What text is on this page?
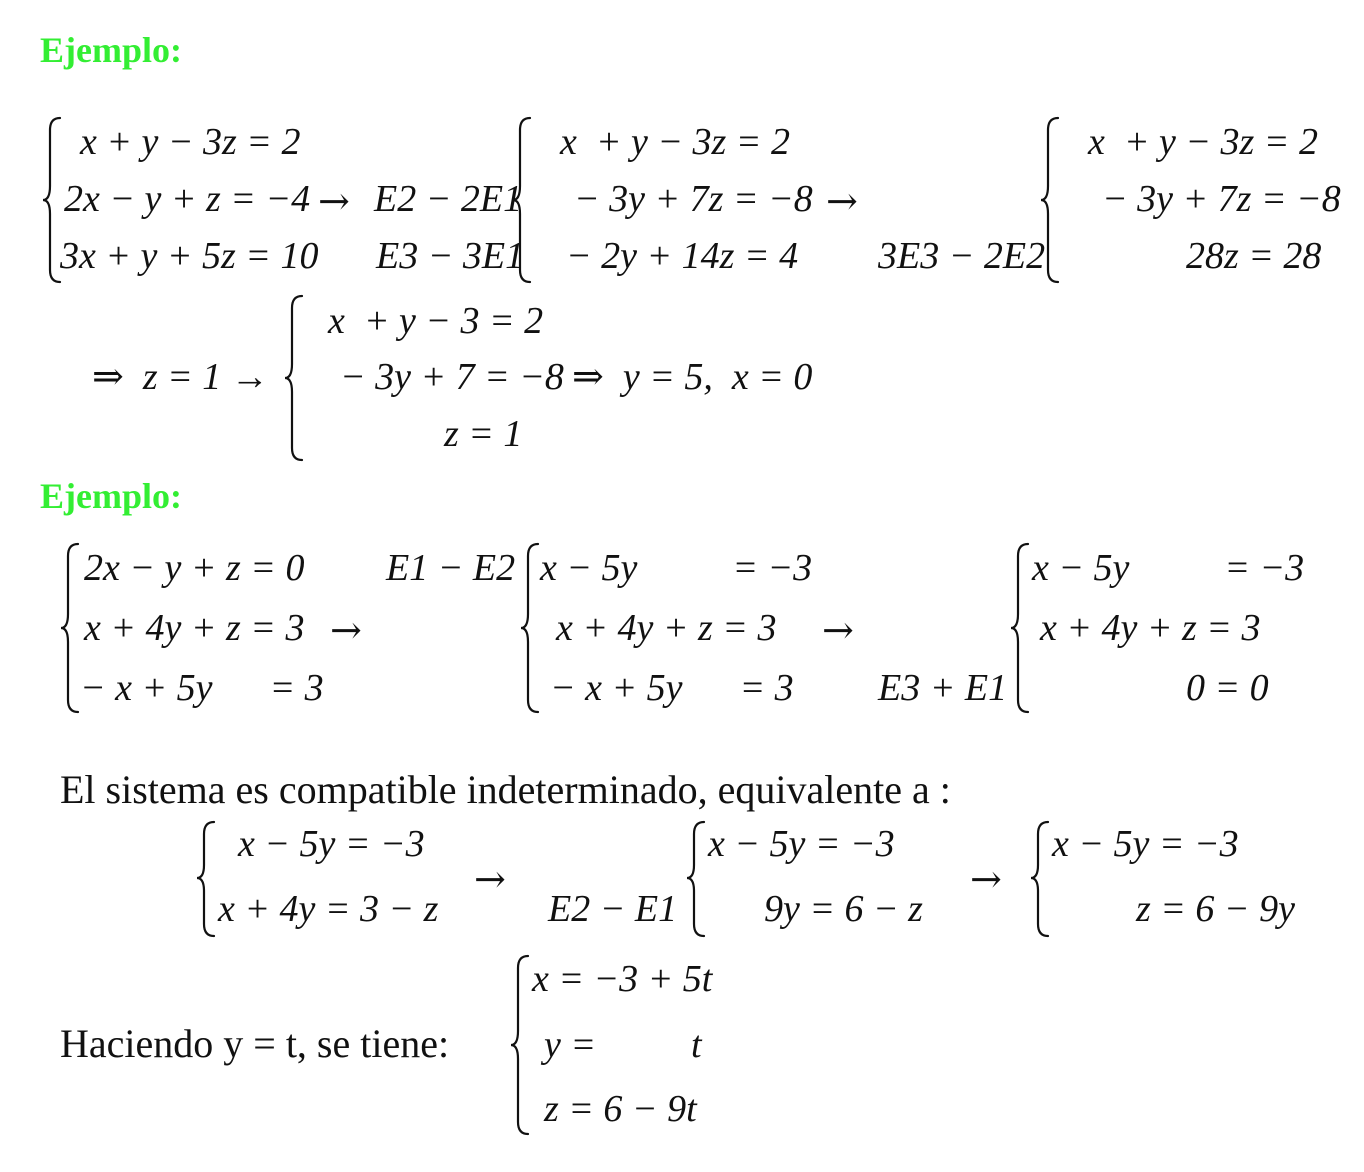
Ejemplo:
x + y − 3z = 2
2x − y + z = −4
3x + y + 5z = 10
→ E2 − 2E1
E3 − 3E1
x  + y − 3z = 2
− 3y + 7z = −8
− 2y + 14z = 4
→
3E3 − 2E2
x  + y − 3z = 2
− 3y + 7z = −8
28z = 28
⇒  z = 1 →
x  + y − 3 = 2
− 3y + 7 = −8
z = 1
⇒  y = 5,  x = 0
Ejemplo:
2x − y + z = 0
x + 4y + z = 3
− x + 5y      = 3
→
E1 − E2 x − 5y          = −3
x + 4y + z = 3
− x + 5y      = 3
→
E3 + E1
x − 5y          = −3
x + 4y + z = 3
0 = 0
El sistema es compatible indeterminado, equivalente a :
x − 5y = −3
x + 4y = 3 − z
→
E2 − E1
x − 5y = −3
9y = 6 − z
→
x − 5y = −3
z = 6 − 9y
Haciendo y = t, se tiene:
x = −3 + 5t
y =          t
z = 6 − 9t
